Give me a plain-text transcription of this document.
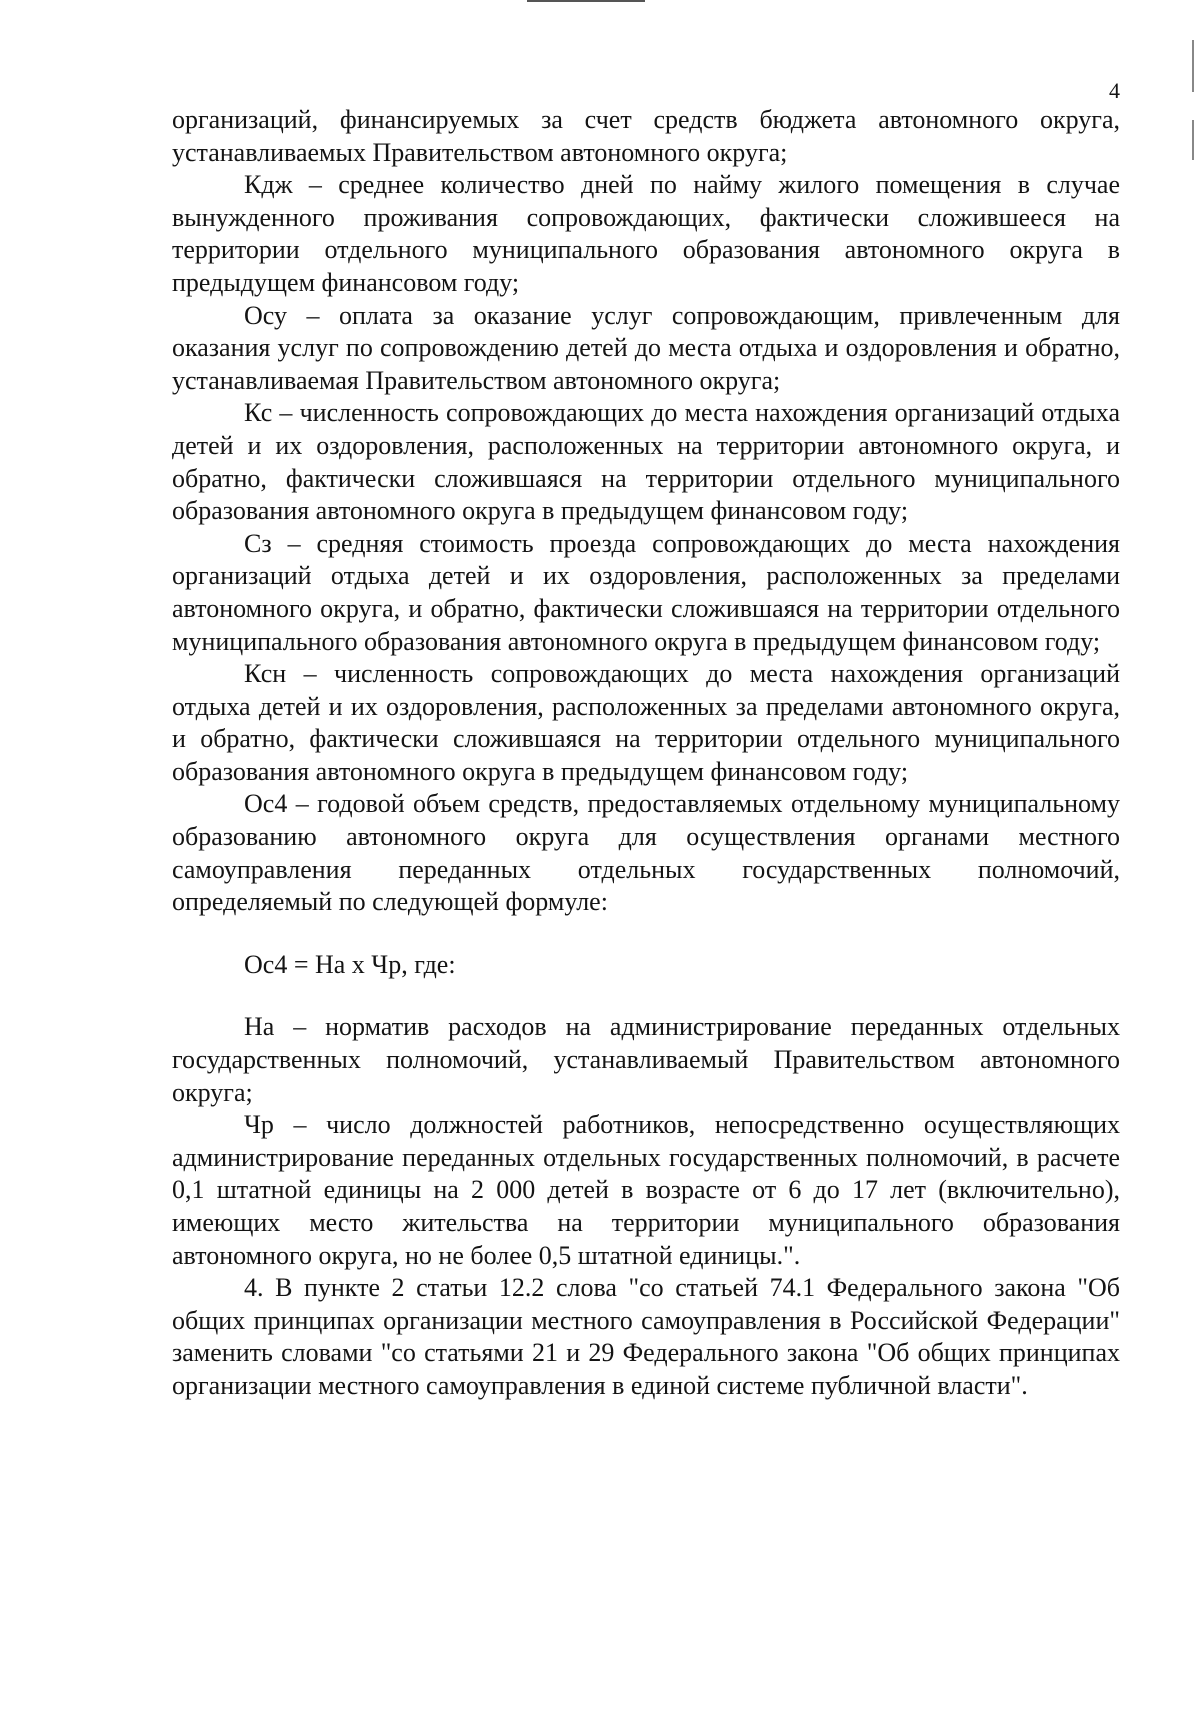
4

организаций, финансируемых за счет средств бюджета автономного округа, устанавливаемых Правительством автономного округа;

Кдж – среднее количество дней по найму жилого помещения в случае вынужденного проживания сопровождающих, фактически сложившееся на территории отдельного муниципального образования автономного округа в предыдущем финансовом году;

Осу – оплата за оказание услуг сопровождающим, привлеченным для оказания услуг по сопровождению детей до места отдыха и оздоровления и обратно, устанавливаемая Правительством автономного округа;

Кс – численность сопровождающих до места нахождения организаций отдыха детей и их оздоровления, расположенных на территории автономного округа, и обратно, фактически сложившаяся на территории отдельного муниципального образования автономного округа в предыдущем финансовом году;

Сз – средняя стоимость проезда сопровождающих до места нахождения организаций отдыха детей и их оздоровления, расположенных за пределами автономного округа, и обратно, фактически сложившаяся на территории отдельного муниципального образования автономного округа в предыдущем финансовом году;

Ксн – численность сопровождающих до места нахождения организаций отдыха детей и их оздоровления, расположенных за пределами автономного округа, и обратно, фактически сложившаяся на территории отдельного муниципального образования автономного округа в предыдущем финансовом году;

Ос4 – годовой объем средств, предоставляемых отдельному муниципальному образованию автономного округа для осуществления органами местного самоуправления переданных отдельных государственных полномочий, определяемый по следующей формуле:

Ос4 = На х Чр, где:

На – норматив расходов на администрирование переданных отдельных государственных полномочий, устанавливаемый Правительством автономного округа;

Чр – число должностей работников, непосредственно осуществляющих администрирование переданных отдельных государственных полномочий, в расчете 0,1 штатной единицы на 2 000 детей в возрасте от 6 до 17 лет (включительно), имеющих место жительства на территории муниципального образования автономного округа, но не более 0,5 штатной единицы.".

4. В пункте 2 статьи 12.2 слова "со статьей 74.1 Федерального закона "Об общих принципах организации местного самоуправления в Российской Федерации" заменить словами "со статьями 21 и 29 Федерального закона "Об общих принципах организации местного самоуправления в единой системе публичной власти".
